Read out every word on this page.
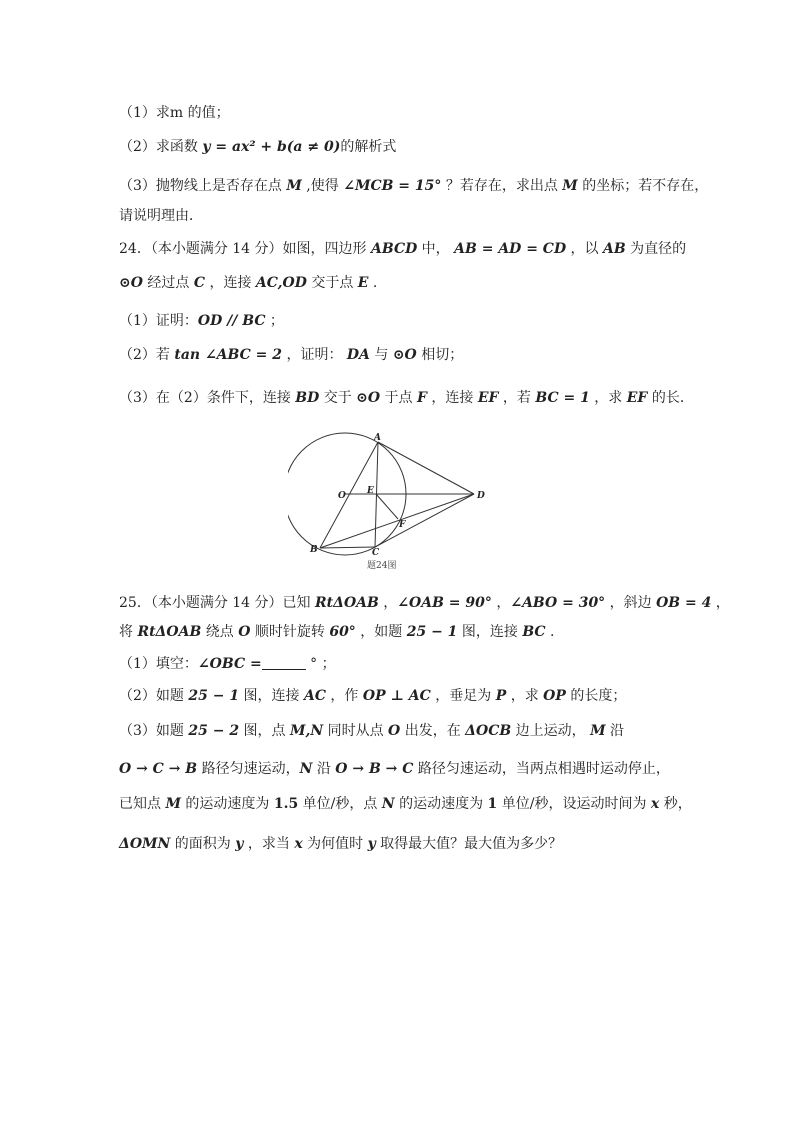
（1）求m 的值；
（2）求函数 y = ax² + b(a ≠ 0)的解析式
（3）抛物线上是否存在点 M ,使得 ∠MCB = 15° ？若存在，求出点 M 的坐标；若不存在，
请说明理由．
24．（本小题满分 14 分）如图，四边形 ABCD 中， AB = AD = CD ，以 AB 为直径的
⊙O 经过点 C ，连接 AC,OD 交于点 E .
（1）证明：OD // BC ；
（2）若 tan ∠ABC = 2 ，证明： DA 与 ⊙O 相切；
（3）在（2）条件下，连接 BD 交于 ⊙O 于点 F ，连接 EF ，若 BC = 1 ，求 EF 的长．
A
O E	D
F
B	C
题24图
25．（本小题满分 14 分）已知 RtΔOAB ，∠OAB = 90° ，∠ABO = 30° ，斜边 OB = 4 ，
将 RtΔOAB 绕点 O 顺时针旋转 60° ，如题 25 − 1 图，连接 BC .
（1）填空：∠OBC =	° ；
（2）如题 25 − 1 图，连接 AC ，作 OP ⊥ AC ，垂足为 P ，求 OP 的长度；
（3）如题 25 − 2 图，点 M,N 同时从点 O 出发，在 ΔOCB 边上运动， M 沿
O → C → B 路径匀速运动，N 沿 O → B → C 路径匀速运动，当两点相遇时运动停止，
已知点 M 的运动速度为 1.5 单位/秒，点 N 的运动速度为 1 单位/秒，设运动时间为 x 秒，
ΔOMN 的面积为 y ，求当 x 为何值时 y 取得最大值？最大值为多少？
